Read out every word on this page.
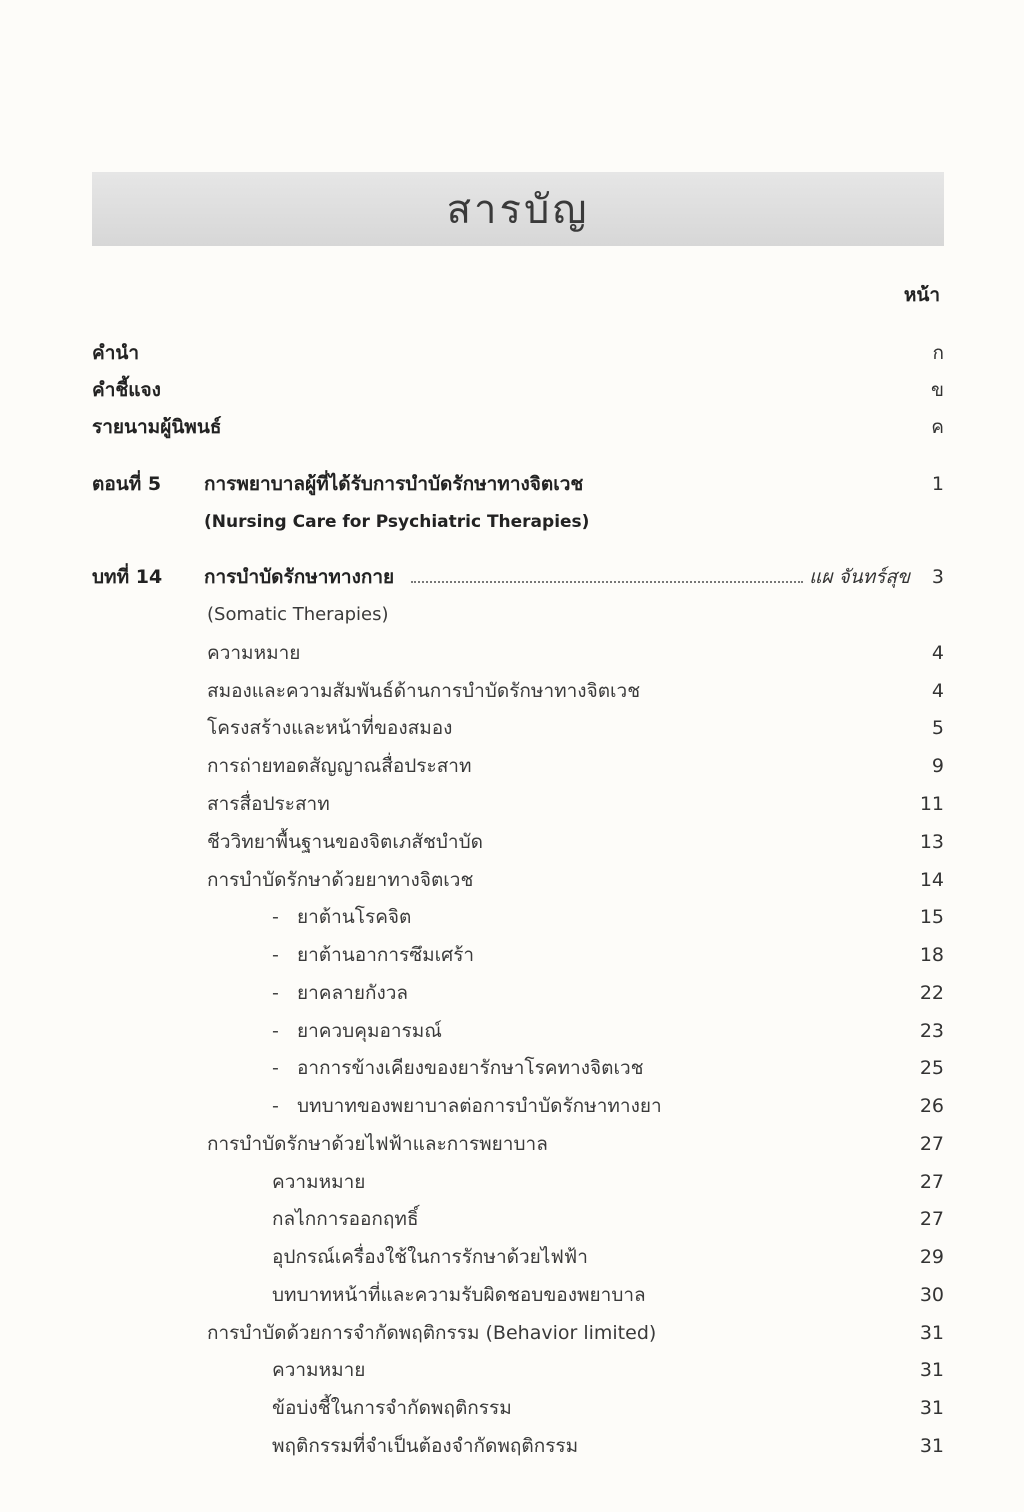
สารบัญ
หน้า
คำนำ	ก
คำชี้แจง	ข
รายนามผู้นิพนธ์	ค
ตอนที่ 5 การพยาบาลผู้ที่ได้รับการบำบัดรักษาทางจิตเวช	1
(Nursing Care for Psychiatric Therapies)
บทที่ 14 การบำบัดรักษาทางกาย	แผ จันทร์สุข 3
(Somatic Therapies)
ความหมาย	4
สมองและความสัมพันธ์ด้านการบำบัดรักษาทางจิตเวช	4
โครงสร้างและหน้าที่ของสมอง	5
การถ่ายทอดสัญญาณสื่อประสาท	9
สารสื่อประสาท	11
ชีววิทยาพื้นฐานของจิตเภสัชบำบัด	13
การบำบัดรักษาด้วยยาทางจิตเวช	14
- ยาต้านโรคจิต	15
- ยาต้านอาการซึมเศร้า	18
- ยาคลายกังวล	22
- ยาควบคุมอารมณ์	23
- อาการข้างเคียงของยารักษาโรคทางจิตเวช	25
- บทบาทของพยาบาลต่อการบำบัดรักษาทางยา	26
การบำบัดรักษาด้วยไฟฟ้าและการพยาบาล	27
ความหมาย	27
กลไกการออกฤทธิ์	27
อุปกรณ์เครื่องใช้ในการรักษาด้วยไฟฟ้า	29
บทบาทหน้าที่และความรับผิดชอบของพยาบาล	30
การบำบัดด้วยการจำกัดพฤติกรรม (Behavior limited)	31
ความหมาย	31
ข้อบ่งชี้ในการจำกัดพฤติกรรม	31
พฤติกรรมที่จำเป็นต้องจำกัดพฤติกรรม	31
